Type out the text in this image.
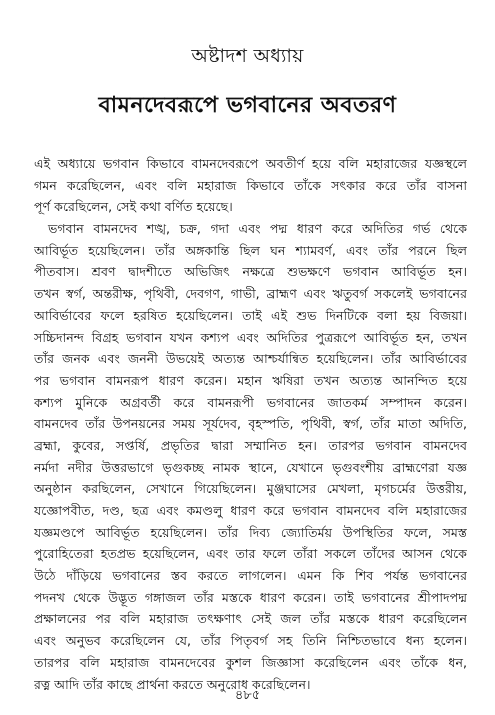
অষ্টাদশ অধ্যায়
বামনদেবরূপে ভগবানের অবতরণ
এই অধ্যায়ে ভগবান কিভাবে বামনদেবরূপে অবতীর্ণ হয়ে বলি মহারাজের যজ্ঞস্থলে
গমন করেছিলেন, এবং বলি মহারাজ কিভাবে তাঁকে সৎকার করে তাঁর বাসনা
পূর্ণ করেছিলেন, সেই কথা বর্ণিত হয়েছে।
ভগবান বামনদেব শঙ্খ, চক্র, গদা এবং পদ্ম ধারণ করে অদিতির গর্ভ থেকে
আবির্ভূত হয়েছিলেন। তাঁর অঙ্গকান্তি ছিল ঘন শ্যামবর্ণ, এবং তাঁর পরনে ছিল
পীতবাস। শ্রবণ দ্বাদশীতে অভিজিৎ নক্ষত্রে শুভক্ষণে ভগবান আবির্ভূত হন।
তখন স্বর্গ, অন্তরীক্ষ, পৃথিবী, দেবগণ, গাভী, ব্রাহ্মণ এবং ঋতুবর্গ সকলেই ভগবানের
আবির্ভাবের ফলে হরষিত হয়েছিলেন। তাই এই শুভ দিনটিকে বলা হয় বিজয়া।
সচ্চিদানন্দ বিগ্রহ ভগবান যখন কশ্যপ এবং অদিতির পুত্ররূপে আবির্ভূত হন, তখন
তাঁর জনক এবং জননী উভয়েই অত্যন্ত আশ্চর্যান্বিত হয়েছিলেন। তাঁর আবির্ভাবের
পর ভগবান বামনরূপ ধারণ করেন। মহান ঋষিরা তখন অত্যন্ত আনন্দিত হয়ে
কশ্যপ মুনিকে অগ্রবর্তী করে বামনরূপী ভগবানের জাতকর্ম সম্পাদন করেন।
বামনদেব তাঁর উপনয়নের সময় সূর্যদেব, বৃহস্পতি, পৃথিবী, স্বর্গ, তাঁর মাতা অদিতি,
ব্রহ্মা, কুবের, সপ্তর্ষি, প্রভৃতির দ্বারা সম্মানিত হন। তারপর ভগবান বামনদেব
নর্মদা নদীর উত্তরভাগে ভৃগুকচ্ছ নামক স্থানে, যেখানে ভৃগুবংশীয় ব্রাহ্মণেরা যজ্ঞ
অনুষ্ঠান করছিলেন, সেখানে গিয়েছিলেন। মুঞ্জঘাসের মেখলা, মৃগচর্মের উত্তরীয়,
যজ্ঞোপবীত, দণ্ড, ছত্র এবং কমণ্ডলু ধারণ করে ভগবান বামনদেব বলি মহারাজের
যজ্ঞমণ্ডপে আবির্ভূত হয়েছিলেন। তাঁর দিব্য জ্যোতির্ময় উপস্থিতির ফলে, সমস্ত
পুরোহিতেরা হতপ্রভ হয়েছিলেন, এবং তার ফলে তাঁরা সকলে তাঁদের আসন থেকে
উঠে দাঁড়িয়ে ভগবানের স্তব করতে লাগলেন। এমন কি শিব পর্যন্ত ভগবানের
পদনখ থেকে উদ্ভূত গঙ্গাজল তাঁর মস্তকে ধারণ করেন। তাই ভগবানের শ্রীপাদপদ্ম
প্রক্ষালনের পর বলি মহারাজ তৎক্ষণাৎ সেই জল তাঁর মস্তকে ধারণ করেছিলেন
এবং অনুভব করেছিলেন যে, তাঁর পিতৃবর্গ সহ তিনি নিশ্চিতভাবে ধন্য হলেন।
তারপর বলি মহারাজ বামনদেবের কুশল জিজ্ঞাসা করেছিলেন এবং তাঁকে ধন,
রত্ন আদি তাঁর কাছে প্রার্থনা করতে অনুরোধ করেছিলেন।
৪৮৫
